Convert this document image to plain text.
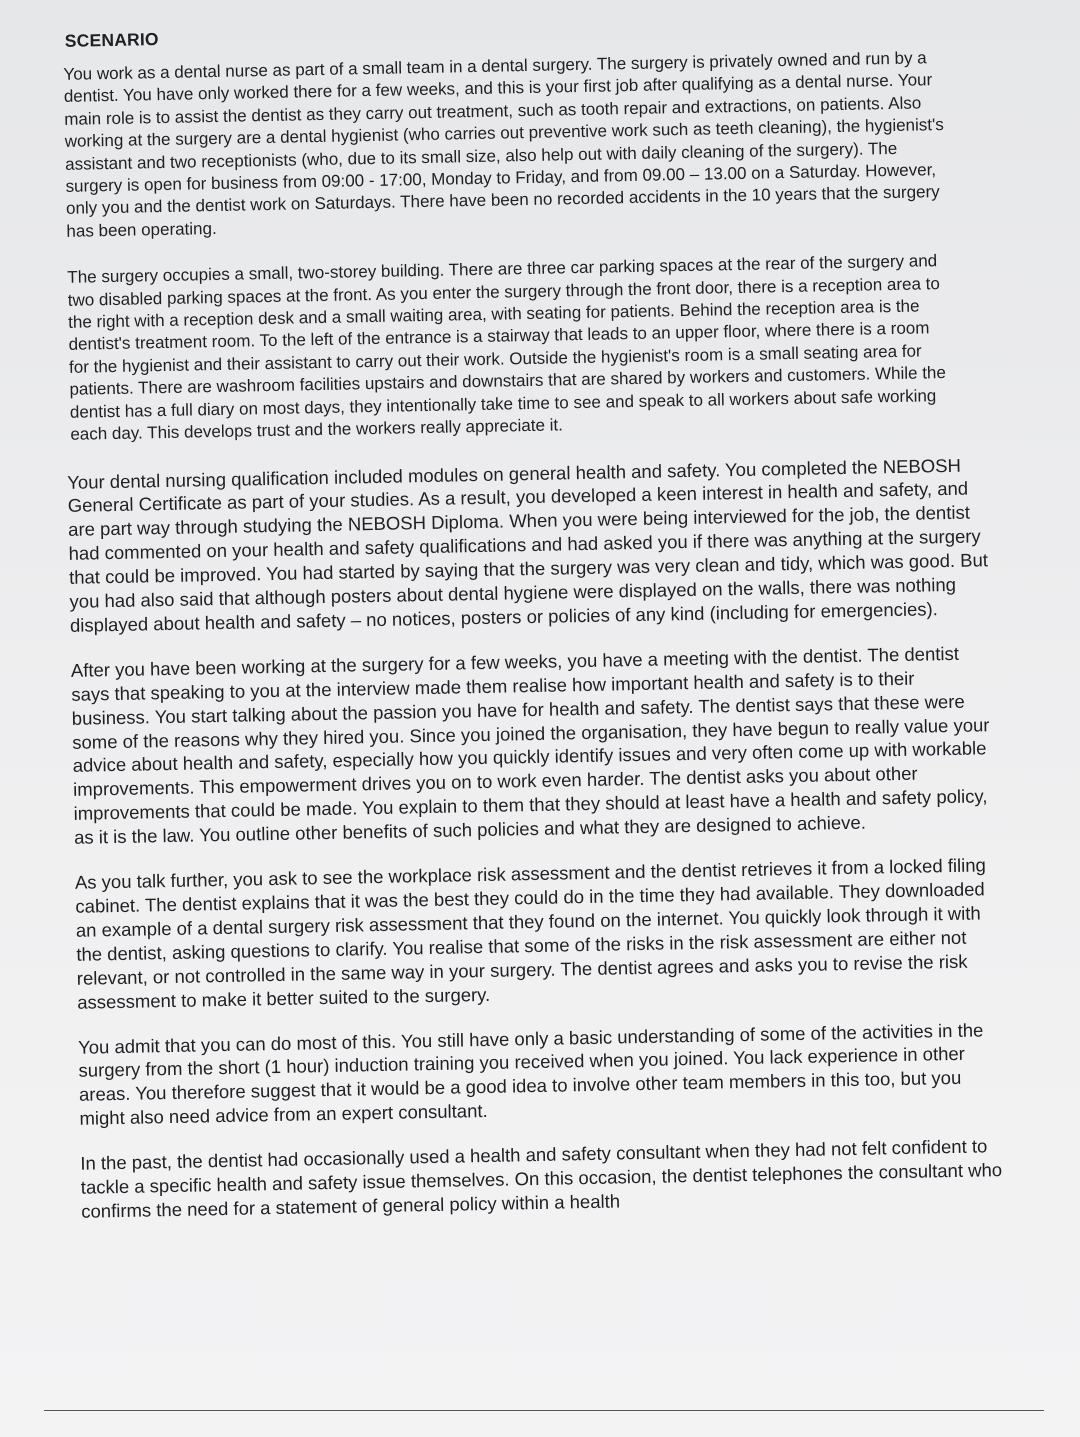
SCENARIO

You work as a dental nurse as part of a small team in a dental surgery. The surgery is privately owned and run by a dentist. You have only worked there for a few weeks, and this is your first job after qualifying as a dental nurse. Your main role is to assist the dentist as they carry out treatment, such as tooth repair and extractions, on patients. Also working at the surgery are a dental hygienist (who carries out preventive work such as teeth cleaning), the hygienist's assistant and two receptionists (who, due to its small size, also help out with daily cleaning of the surgery). The surgery is open for business from 09:00 - 17:00, Monday to Friday, and from 09.00 – 13.00 on a Saturday. However, only you and the dentist work on Saturdays. There have been no recorded accidents in the 10 years that the surgery has been operating.

The surgery occupies a small, two-storey building. There are three car parking spaces at the rear of the surgery and two disabled parking spaces at the front. As you enter the surgery through the front door, there is a reception area to the right with a reception desk and a small waiting area, with seating for patients. Behind the reception area is the dentist's treatment room. To the left of the entrance is a stairway that leads to an upper floor, where there is a room for the hygienist and their assistant to carry out their work. Outside the hygienist's room is a small seating area for patients. There are washroom facilities upstairs and downstairs that are shared by workers and customers. While the dentist has a full diary on most days, they intentionally take time to see and speak to all workers about safe working each day. This develops trust and the workers really appreciate it.

Your dental nursing qualification included modules on general health and safety. You completed the NEBOSH General Certificate as part of your studies. As a result, you developed a keen interest in health and safety, and are part way through studying the NEBOSH Diploma. When you were being interviewed for the job, the dentist had commented on your health and safety qualifications and had asked you if there was anything at the surgery that could be improved. You had started by saying that the surgery was very clean and tidy, which was good. But you had also said that although posters about dental hygiene were displayed on the walls, there was nothing displayed about health and safety – no notices, posters or policies of any kind (including for emergencies).

After you have been working at the surgery for a few weeks, you have a meeting with the dentist. The dentist says that speaking to you at the interview made them realise how important health and safety is to their business. You start talking about the passion you have for health and safety. The dentist says that these were some of the reasons why they hired you. Since you joined the organisation, they have begun to really value your advice about health and safety, especially how you quickly identify issues and very often come up with workable improvements. This empowerment drives you on to work even harder. The dentist asks you about other improvements that could be made. You explain to them that they should at least have a health and safety policy, as it is the law. You outline other benefits of such policies and what they are designed to achieve.

As you talk further, you ask to see the workplace risk assessment and the dentist retrieves it from a locked filing cabinet. The dentist explains that it was the best they could do in the time they had available. They downloaded an example of a dental surgery risk assessment that they found on the internet. You quickly look through it with the dentist, asking questions to clarify. You realise that some of the risks in the risk assessment are either not relevant, or not controlled in the same way in your surgery. The dentist agrees and asks you to revise the risk assessment to make it better suited to the surgery.

You admit that you can do most of this. You still have only a basic understanding of some of the activities in the surgery from the short (1 hour) induction training you received when you joined. You lack experience in other areas. You therefore suggest that it would be a good idea to involve other team members in this too, but you might also need advice from an expert consultant.

In the past, the dentist had occasionally used a health and safety consultant when they had not felt confident to tackle a specific health and safety issue themselves. On this occasion, the dentist telephones the consultant who confirms the need for a statement of general policy within a health
